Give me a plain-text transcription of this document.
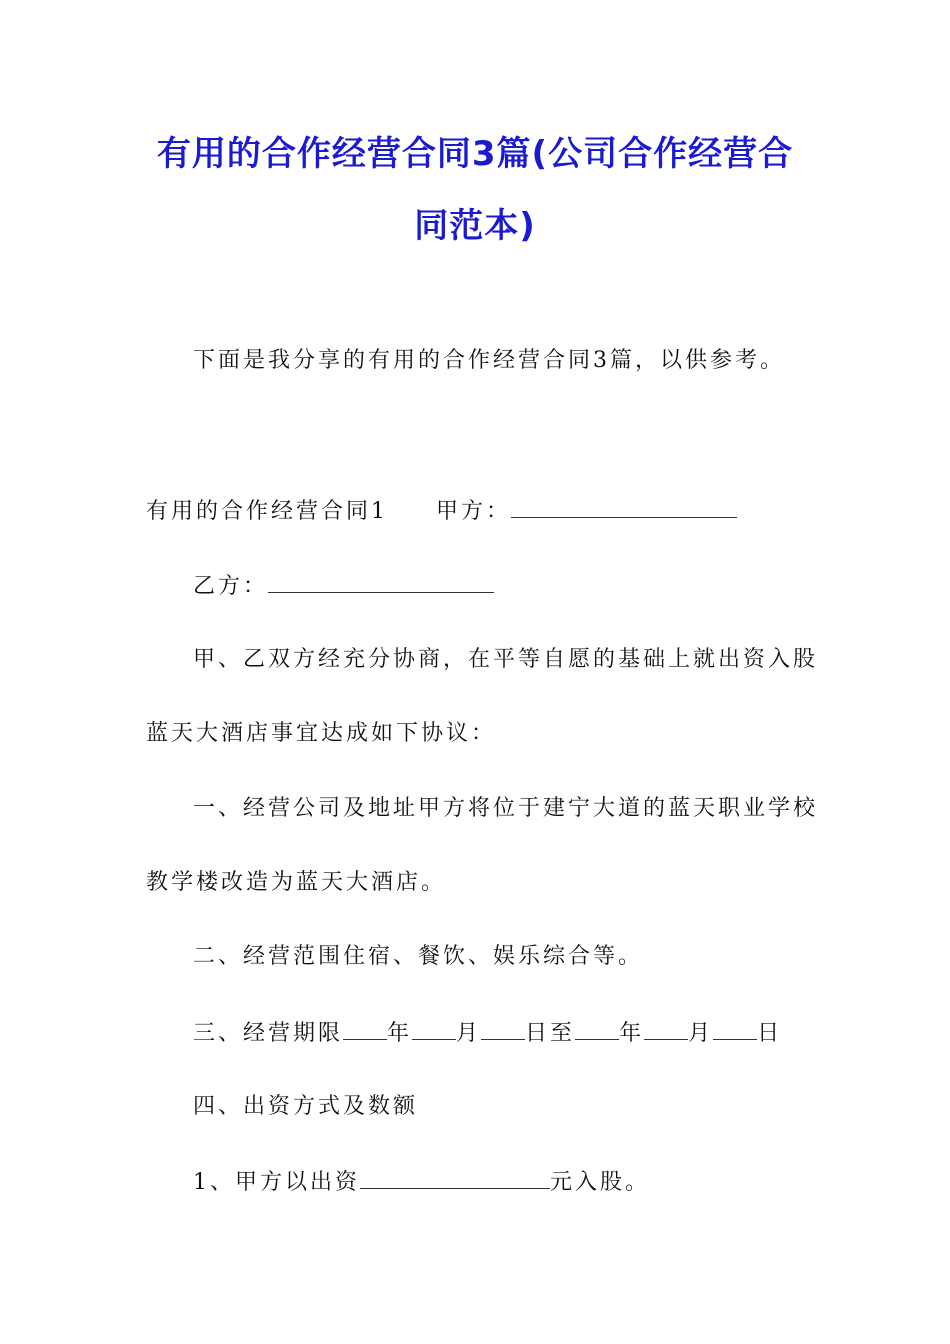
有用的合作经营合同3篇(公司合作经营合
同范本)
下面是我分享的有用的合作经营合同3篇，以供参考。
有用的合作经营合同1 甲方：
乙方：
甲、乙双方经充分协商，在平等自愿的基础上就出资入股
蓝天大酒店事宜达成如下协议：
一、经营公司及地址甲方将位于建宁大道的蓝天职业学校
教学楼改造为蓝天大酒店。
二、经营范围住宿、餐饮、娱乐综合等。
三、经营期限 年 月 日至 年 月 日
四、出资方式及数额
1、甲方以出资	元入股。
